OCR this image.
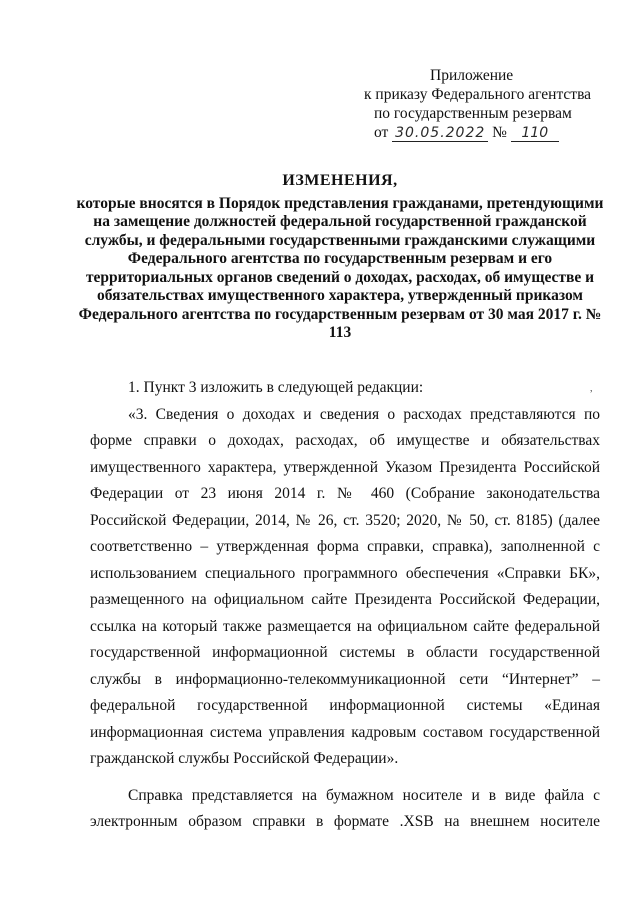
Приложение
к приказу Федерального агентства
по государственным резервам
от 30.05.2022 № 110
ИЗМЕНЕНИЯ,
которые вносятся в Порядок представления гражданами, претендующими на замещение должностей федеральной государственной гражданской службы, и федеральными государственными гражданскими служащими Федерального агентства по государственным резервам и его территориальных органов сведений о доходах, расходах, об имуществе и обязательствах имущественного характера, утвержденный приказом Федерального агентства по государственным резервам от 30 мая 2017 г. № 113
,

1. Пункт 3 изложить в следующей редакции:

«3. Сведения о доходах и сведения о расходах представляются по форме справки о доходах, расходах, об имуществе и обязательствах имущественного характера, утвержденной Указом Президента Российской Федерации от 23 июня 2014 г. № 460 (Собрание законодательства Российской Федерации, 2014, № 26, ст. 3520; 2020, № 50, ст. 8185) (далее соответственно – утвержденная форма справки, справка), заполненной с использованием специального программного обеспечения «Справки БК», размещенного на официальном сайте Президента Российской Федерации, ссылка на который также размещается на официальном сайте федеральной государственной информационной системы в области государственной службы в информационно-телекоммуникационной сети “Интернет” – федеральной государственной информационной системы «Единая информационная система управления кадровым составом государственной гражданской службы Российской Федерации».

Справка представляется на бумажном носителе и в виде файла с электронным образом справки в формате .XSB на внешнем носителе
